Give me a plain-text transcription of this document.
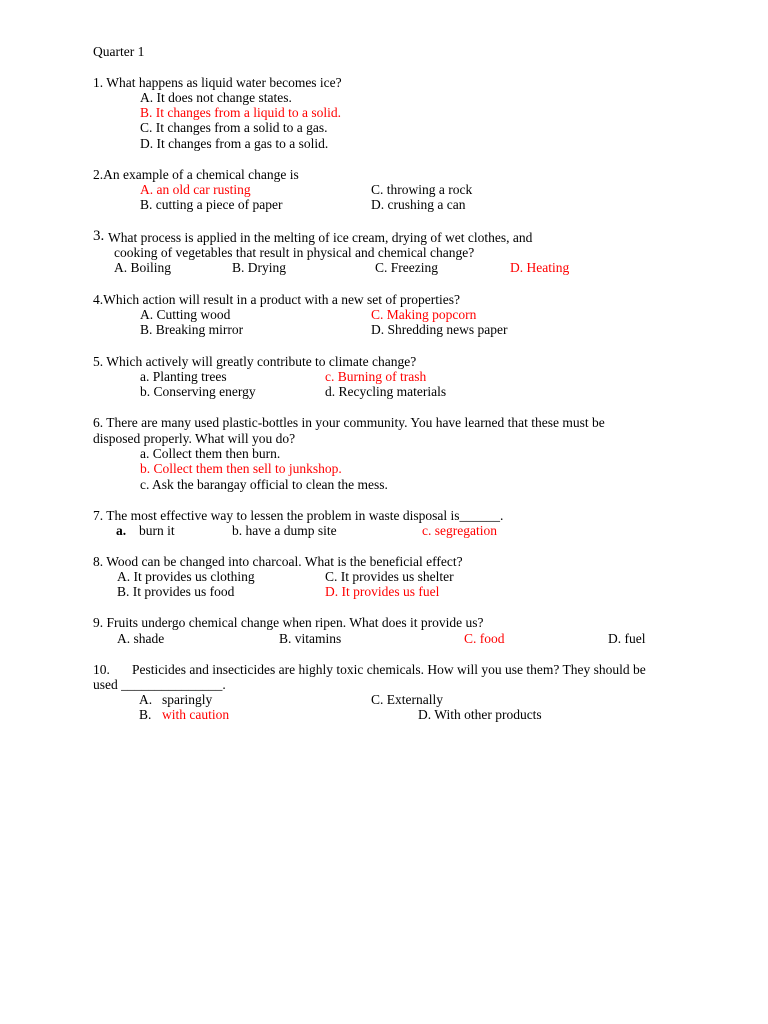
Quarter 1
1. What happens as liquid water becomes ice?
A. It does not change states.
B. It changes from a liquid to a solid.
C. It changes from a solid to a gas.
D. It changes from a gas to a solid.
2.An example of a chemical change is
A. an old car rusting	C. throwing a rock
B. cutting a piece of paper	D. crushing a can
3. What process is applied in the melting of ice cream, drying of wet clothes, and
cooking of vegetables that result in physical and chemical change?
A. Boiling	B. Drying	C. Freezing	D. Heating
4.Which action will result in a product with a new set of properties?
A. Cutting wood	C. Making popcorn
B. Breaking mirror	D. Shredding news paper
5. Which actively will greatly contribute to climate change?
a. Planting trees	c. Burning of trash
b. Conserving energy	d. Recycling materials
6. There are many used plastic-bottles in your community. You have learned that these must be
disposed properly. What will you do?
a. Collect them then burn.
b. Collect them then sell to junkshop.
c. Ask the barangay official to clean the mess.
7. The most effective way to lessen the problem in waste disposal is______.
a. burn it	b. have a dump site	c. segregation
8. Wood can be changed into charcoal. What is the beneficial effect?
A. It provides us clothing	C. It provides us shelter
B. It provides us food	D. It provides us fuel
9. Fruits undergo chemical change when ripen. What does it provide us?
A. shade	B. vitamins	C. food	D. fuel
10. Pesticides and insecticides are highly toxic chemicals. How will you use them? They should be
used _______________.
A. sparingly	C. Externally
B. with caution	D. With other products
